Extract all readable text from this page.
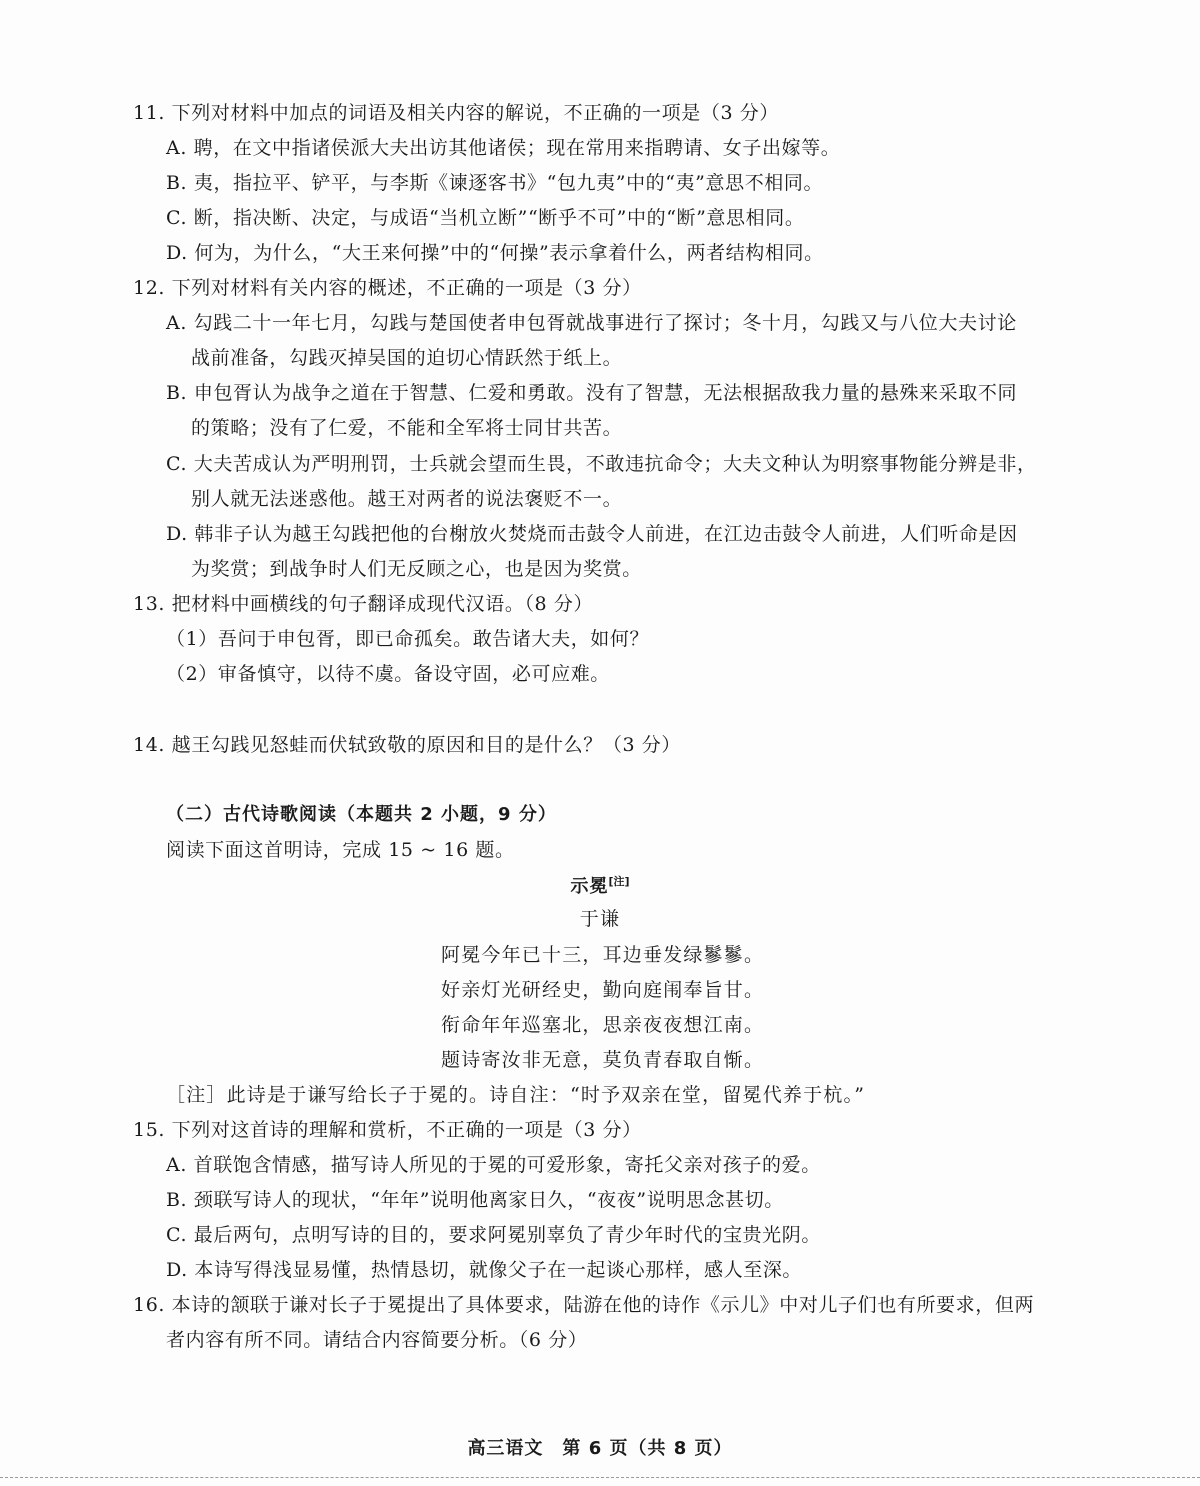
11. 下列对材料中加点的词语及相关内容的解说，不正确的一项是（3 分）
A. 聘，在文中指诸侯派大夫出访其他诸侯；现在常用来指聘请、女子出嫁等。
B. 夷，指拉平、铲平，与李斯《谏逐客书》“包九夷”中的“夷”意思不相同。
C. 断，指决断、决定，与成语“当机立断”“断乎不可”中的“断”意思相同。
D. 何为，为什么，“大王来何操”中的“何操”表示拿着什么，两者结构相同。
12. 下列对材料有关内容的概述，不正确的一项是（3 分）
A. 勾践二十一年七月，勾践与楚国使者申包胥就战事进行了探讨；冬十月，勾践又与八位大夫讨论
战前准备，勾践灭掉吴国的迫切心情跃然于纸上。
B. 申包胥认为战争之道在于智慧、仁爱和勇敢。没有了智慧，无法根据敌我力量的悬殊来采取不同
的策略；没有了仁爱，不能和全军将士同甘共苦。
C. 大夫苦成认为严明刑罚，士兵就会望而生畏，不敢违抗命令；大夫文种认为明察事物能分辨是非，
别人就无法迷惑他。越王对两者的说法褒贬不一。
D. 韩非子认为越王勾践把他的台榭放火焚烧而击鼓令人前进，在江边击鼓令人前进，人们听命是因
为奖赏；到战争时人们无反顾之心，也是因为奖赏。
13. 把材料中画横线的句子翻译成现代汉语。（8 分）
（1）吾问于申包胥，即已命孤矣。敢告诸大夫，如何？
（2）审备慎守，以待不虞。备设守固，必可应难。
14. 越王勾践见怒蛙而伏轼致敬的原因和目的是什么？（3 分）
（二）古代诗歌阅读（本题共 2 小题，9 分）
阅读下面这首明诗，完成 15 ~ 16 题。
示冕[注]
于谦
阿冕今年已十三，耳边垂发绿鬖鬖。
好亲灯光研经史，勤向庭闱奉旨甘。
衔命年年巡塞北，思亲夜夜想江南。
题诗寄汝非无意，莫负青春取自惭。
［注］此诗是于谦写给长子于冕的。诗自注：“时予双亲在堂，留冕代养于杭。”
15. 下列对这首诗的理解和赏析，不正确的一项是（3 分）
A. 首联饱含情感，描写诗人所见的于冕的可爱形象，寄托父亲对孩子的爱。
B. 颈联写诗人的现状，“年年”说明他离家日久，“夜夜”说明思念甚切。
C. 最后两句，点明写诗的目的，要求阿冕别辜负了青少年时代的宝贵光阴。
D. 本诗写得浅显易懂，热情恳切，就像父子在一起谈心那样，感人至深。
16. 本诗的颔联于谦对长子于冕提出了具体要求，陆游在他的诗作《示儿》中对儿子们也有所要求，但两
者内容有所不同。请结合内容简要分析。（6 分）
高三语文　第 6 页（共 8 页）
